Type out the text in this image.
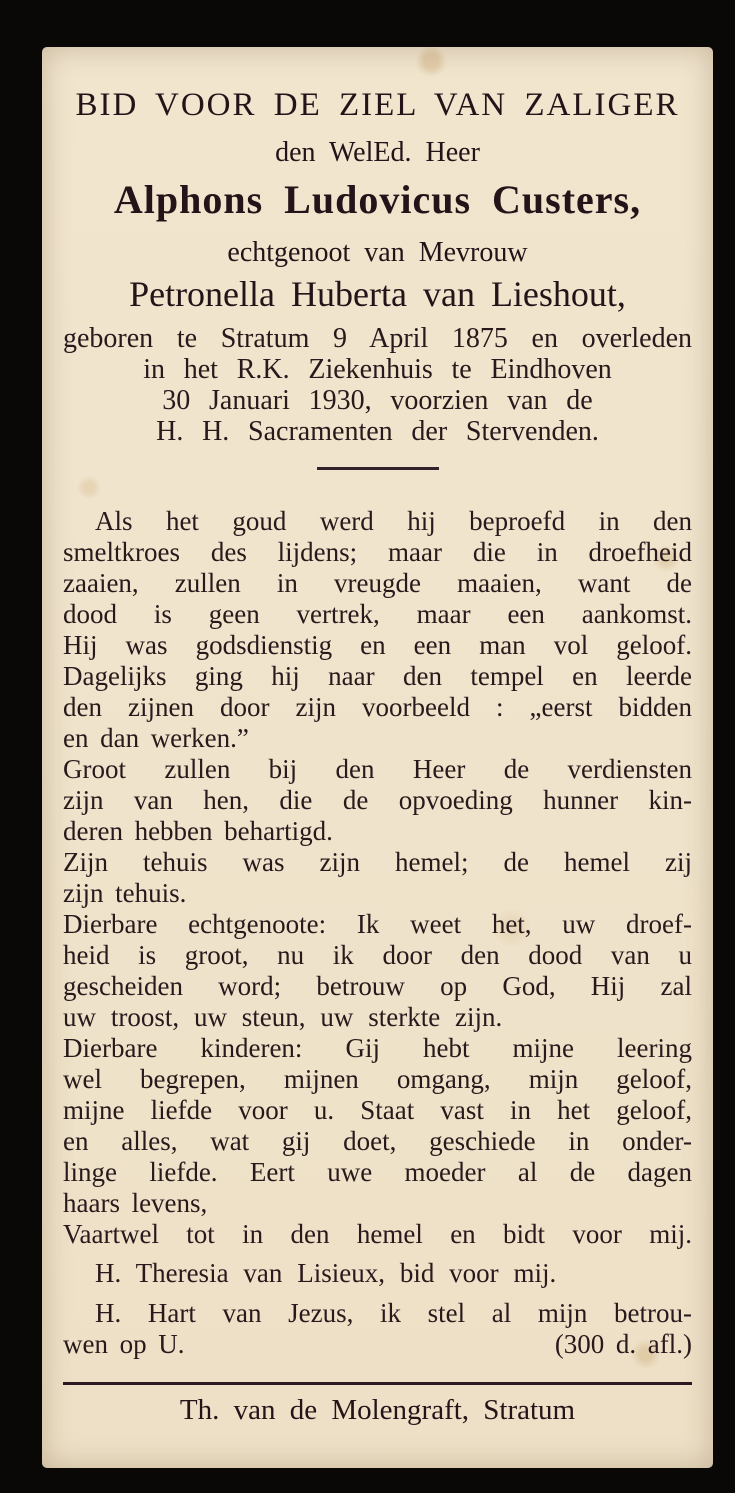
BID VOOR DE ZIEL VAN ZALIGER
den WelEd. Heer
Alphons Ludovicus Custers,
echtgenoot van Mevrouw
Petronella Huberta van Lieshout,
geboren te Stratum 9 April 1875 en overleden
in het R.K. Ziekenhuis te Eindhoven
30 Januari 1930, voorzien van de
H. H. Sacramenten der Stervenden.
Als het goud werd hij beproefd in den
smeltkroes des lijdens; maar die in droefheid
zaaien, zullen in vreugde maaien, want de
dood is geen vertrek, maar een aankomst.
Hij was godsdienstig en een man vol geloof.
Dagelijks ging hij naar den tempel en leerde
den zijnen door zijn voorbeeld : „eerst bidden
en dan werken.”
Groot zullen bij den Heer de verdiensten
zijn van hen, die de opvoeding hunner kin-
deren hebben behartigd.
Zijn tehuis was zijn hemel; de hemel zij
zijn tehuis.
Dierbare echtgenoote: Ik weet het, uw droef-
heid is groot, nu ik door den dood van u
gescheiden word; betrouw op God, Hij zal
uw troost, uw steun, uw sterkte zijn.
Dierbare kinderen: Gij hebt mijne leering
wel begrepen, mijnen omgang, mijn geloof,
mijne liefde voor u. Staat vast in het geloof,
en alles, wat gij doet, geschiede in onder-
linge liefde. Eert uwe moeder al de dagen
haars levens,
Vaartwel tot in den hemel en bidt voor mij.
H. Theresia van Lisieux, bid voor mij.
H. Hart van Jezus, ik stel al mijn betrou-
wen op U.	(300 d. afl.)
Th. van de Molengraft, Stratum
